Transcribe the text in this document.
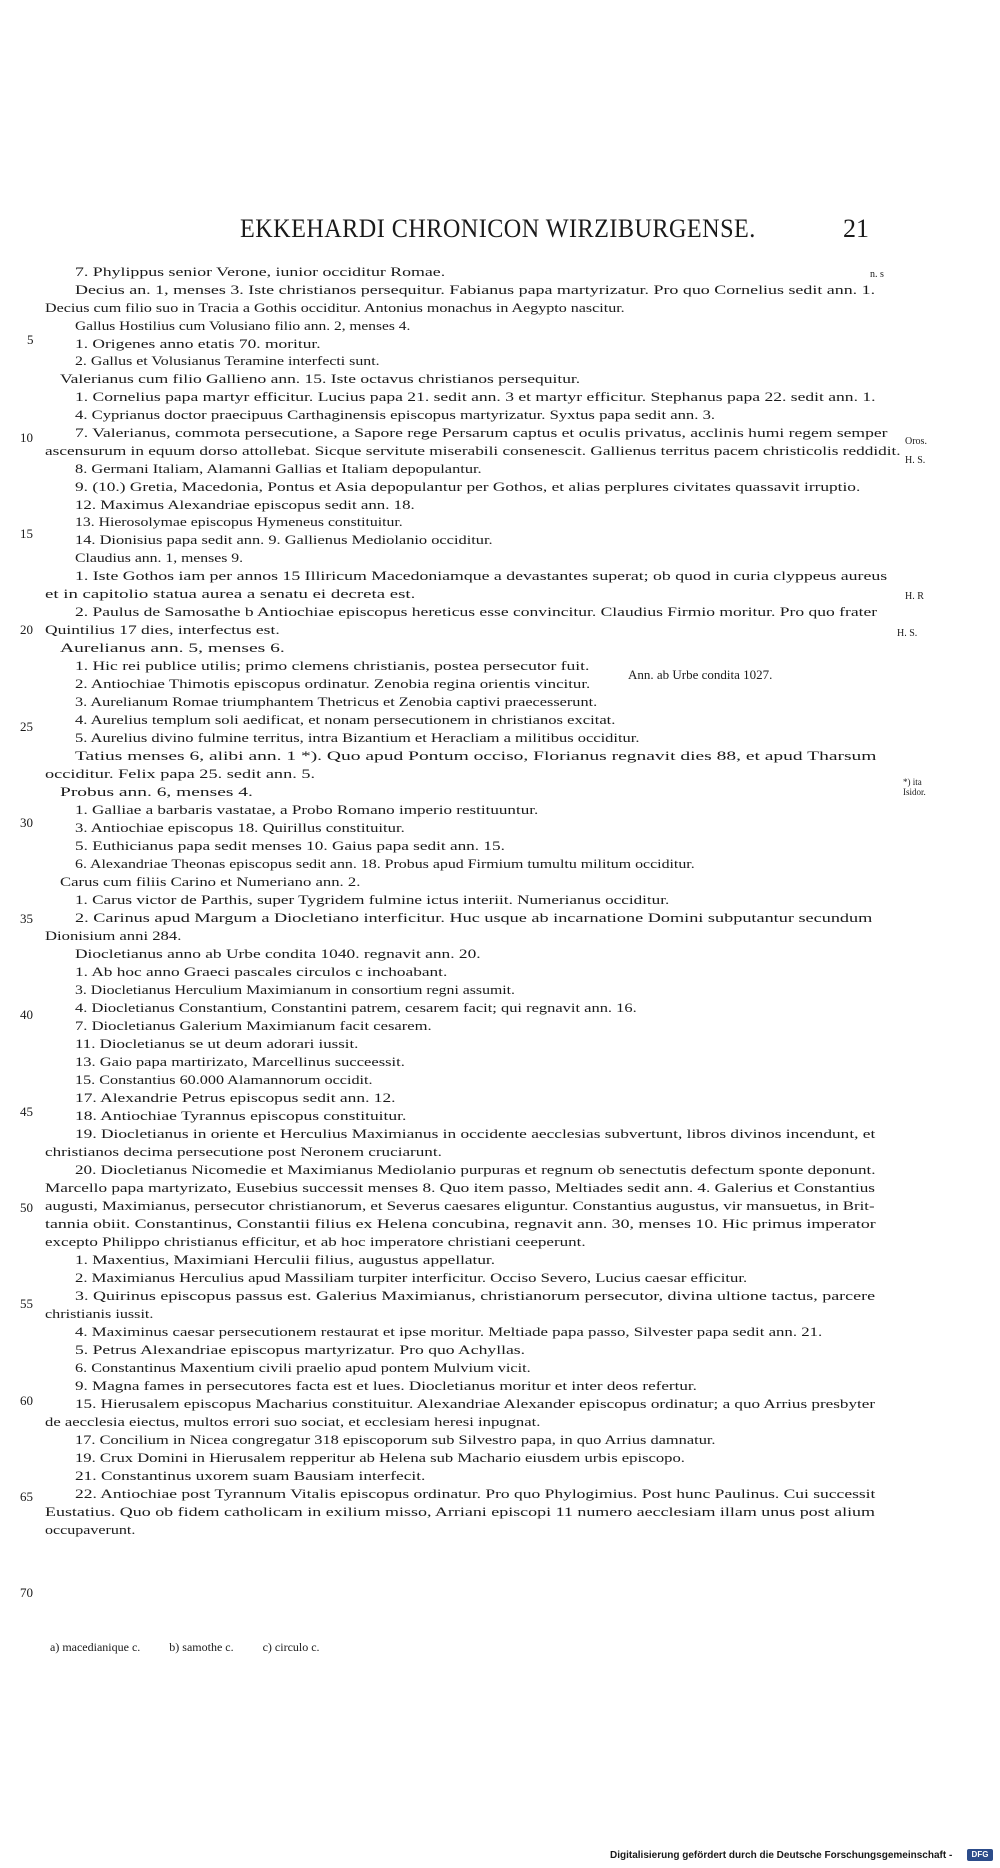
EKKEHARDI CHRONICON WIRZIBURGENSE.	21
7. Phylippus senior Verone, iunior occiditur Romae.
Decius an. 1, menses 3. Iste christianos persequitur. Fabianus papa martyrizatur. Pro quo Cornelius sedit ann. 1.
Decius cum filio suo in Tracia a Gothis occiditur. Antonius monachus in Aegypto nascitur.
Gallus Hostilius cum Volusiano filio ann. 2, menses 4.
1. Origenes anno etatis 70. moritur.
2. Gallus et Volusianus Teramine interfecti sunt.
Valerianus cum filio Gallieno ann. 15. Iste octavus christianos persequitur.
1. Cornelius papa martyr efficitur. Lucius papa 21. sedit ann. 3 et martyr efficitur. Stephanus papa 22. sedit ann. 1.
4. Cyprianus doctor praecipuus Carthaginensis episcopus martyrizatur. Syxtus papa sedit ann. 3.
7. Valerianus, commota persecutione, a Sapore rege Persarum captus et oculis privatus, acclinis humi regem semper
ascensurum in equum dorso attollebat. Sicque servitute miserabili consenescit. Gallienus territus pacem christicolis reddidit.
8. Germani Italiam, Alamanni Gallias et Italiam depopulantur.
9. (10.) Gretia, Macedonia, Pontus et Asia depopulantur per Gothos, et alias perplures civitates quassavit irruptio.
12. Maximus Alexandriae episcopus sedit ann. 18.
13. Hierosolymae episcopus Hymeneus constituitur.
14. Dionisius papa sedit ann. 9. Gallienus Mediolanio occiditur.
Claudius ann. 1, menses 9.
1. Iste Gothos iam per annos 15 Illiricum Macedoniamque a devastantes superat; ob quod in curia clyppeus aureus
et in capitolio statua aurea a senatu ei decreta est.
2. Paulus de Samosathe b Antiochiae episcopus hereticus esse convincitur. Claudius Firmio moritur. Pro quo frater
Quintilius 17 dies, interfectus est.
Aurelianus ann. 5, menses 6.
1. Hic rei publice utilis; primo clemens christianis, postea persecutor fuit.
2. Antiochiae Thimotis episcopus ordinatur. Zenobia regina orientis vincitur.
3. Aurelianum Romae triumphantem Thetricus et Zenobia captivi praecesserunt.
4. Aurelius templum soli aedificat, et nonam persecutionem in christianos excitat.
5. Aurelius divino fulmine territus, intra Bizantium et Heracliam a militibus occiditur.
Tatius menses 6, alibi ann. 1 *). Quo apud Pontum occiso, Florianus regnavit dies 88, et apud Tharsum
occiditur. Felix papa 25. sedit ann. 5.
Probus ann. 6, menses 4.
1. Galliae a barbaris vastatae, a Probo Romano imperio restituuntur.
3. Antiochiae episcopus 18. Quirillus constituitur.
5. Euthicianus papa sedit menses 10. Gaius papa sedit ann. 15.
6. Alexandriae Theonas episcopus sedit ann. 18. Probus apud Firmium tumultu militum occiditur.
Carus cum filiis Carino et Numeriano ann. 2.
1. Carus victor de Parthis, super Tygridem fulmine ictus interiit. Numerianus occiditur.
2. Carinus apud Margum a Diocletiano interficitur. Huc usque ab incarnatione Domini subputantur secundum
Dionisium anni 284.
Diocletianus anno ab Urbe condita 1040. regnavit ann. 20.
1. Ab hoc anno Graeci pascales circulos c inchoabant.
3. Diocletianus Herculium Maximianum in consortium regni assumit.
4. Diocletianus Constantium, Constantini patrem, cesarem facit; qui regnavit ann. 16.
7. Diocletianus Galerium Maximianum facit cesarem.
11. Diocletianus se ut deum adorari iussit.
13. Gaio papa martirizato, Marcellinus succeessit.
15. Constantius 60.000 Alamannorum occidit.
17. Alexandrie Petrus episcopus sedit ann. 12.
18. Antiochiae Tyrannus episcopus constituitur.
19. Diocletianus in oriente et Herculius Maximianus in occidente aecclesias subvertunt, libros divinos incendunt, et
christianos decima persecutione post Neronem cruciarunt.
20. Diocletianus Nicomedie et Maximianus Mediolanio purpuras et regnum ob senectutis defectum sponte deponunt.
Marcello papa martyrizato, Eusebius successit menses 8. Quo item passo, Meltiades sedit ann. 4. Galerius et Constantius
augusti, Maximianus, persecutor christianorum, et Severus caesares eliguntur. Constantius augustus, vir mansuetus, in Brit-
tannia obiit. Constantinus, Constantii filius ex Helena concubina, regnavit ann. 30, menses 10. Hic primus imperator
excepto Philippo christianus efficitur, et ab hoc imperatore christiani ceeperunt.
1. Maxentius, Maximiani Herculii filius, augustus appellatur.
2. Maximianus Herculius apud Massiliam turpiter interficitur. Occiso Severo, Lucius caesar efficitur.
3. Quirinus episcopus passus est. Galerius Maximianus, christianorum persecutor, divina ultione tactus, parcere
christianis iussit.
4. Maximinus caesar persecutionem restaurat et ipse moritur. Meltiade papa passo, Silvester papa sedit ann. 21.
5. Petrus Alexandriae episcopus martyrizatur. Pro quo Achyllas.
6. Constantinus Maxentium civili praelio apud pontem Mulvium vicit.
9. Magna fames in persecutores facta est et lues. Diocletianus moritur et inter deos refertur.
15. Hierusalem episcopus Macharius constituitur. Alexandriae Alexander episcopus ordinatur; a quo Arrius presbyter
de aecclesia eiectus, multos errori suo sociat, et ecclesiam heresi inpugnat.
17. Concilium in Nicea congregatur 318 episcoporum sub Silvestro papa, in quo Arrius damnatur.
19. Crux Domini in Hierusalem repperitur ab Helena sub Machario eiusdem urbis episcopo.
21. Constantinus uxorem suam Bausiam interfecit.
22. Antiochiae post Tyrannum Vitalis episcopus ordinatur. Pro quo Phylogimius. Post hunc Paulinus. Cui successit
Eustatius. Quo ob fidem catholicam in exilium misso, Arriani episcopi 11 numero aecclesiam illam unus post alium
occupaverunt.
5
10
15
20
25
30
35
40
45
50
55
60
65
70
n. s
Oros.
H. S.
H. R
H. S.
*) ita Isidor.
Ann. ab Urbe condita 1027.
a) macedianique c. b) samothe c. c) circulo c.
Digitalisierung gefördert durch die Deutsche Forschungsgemeinschaft -	DFG
